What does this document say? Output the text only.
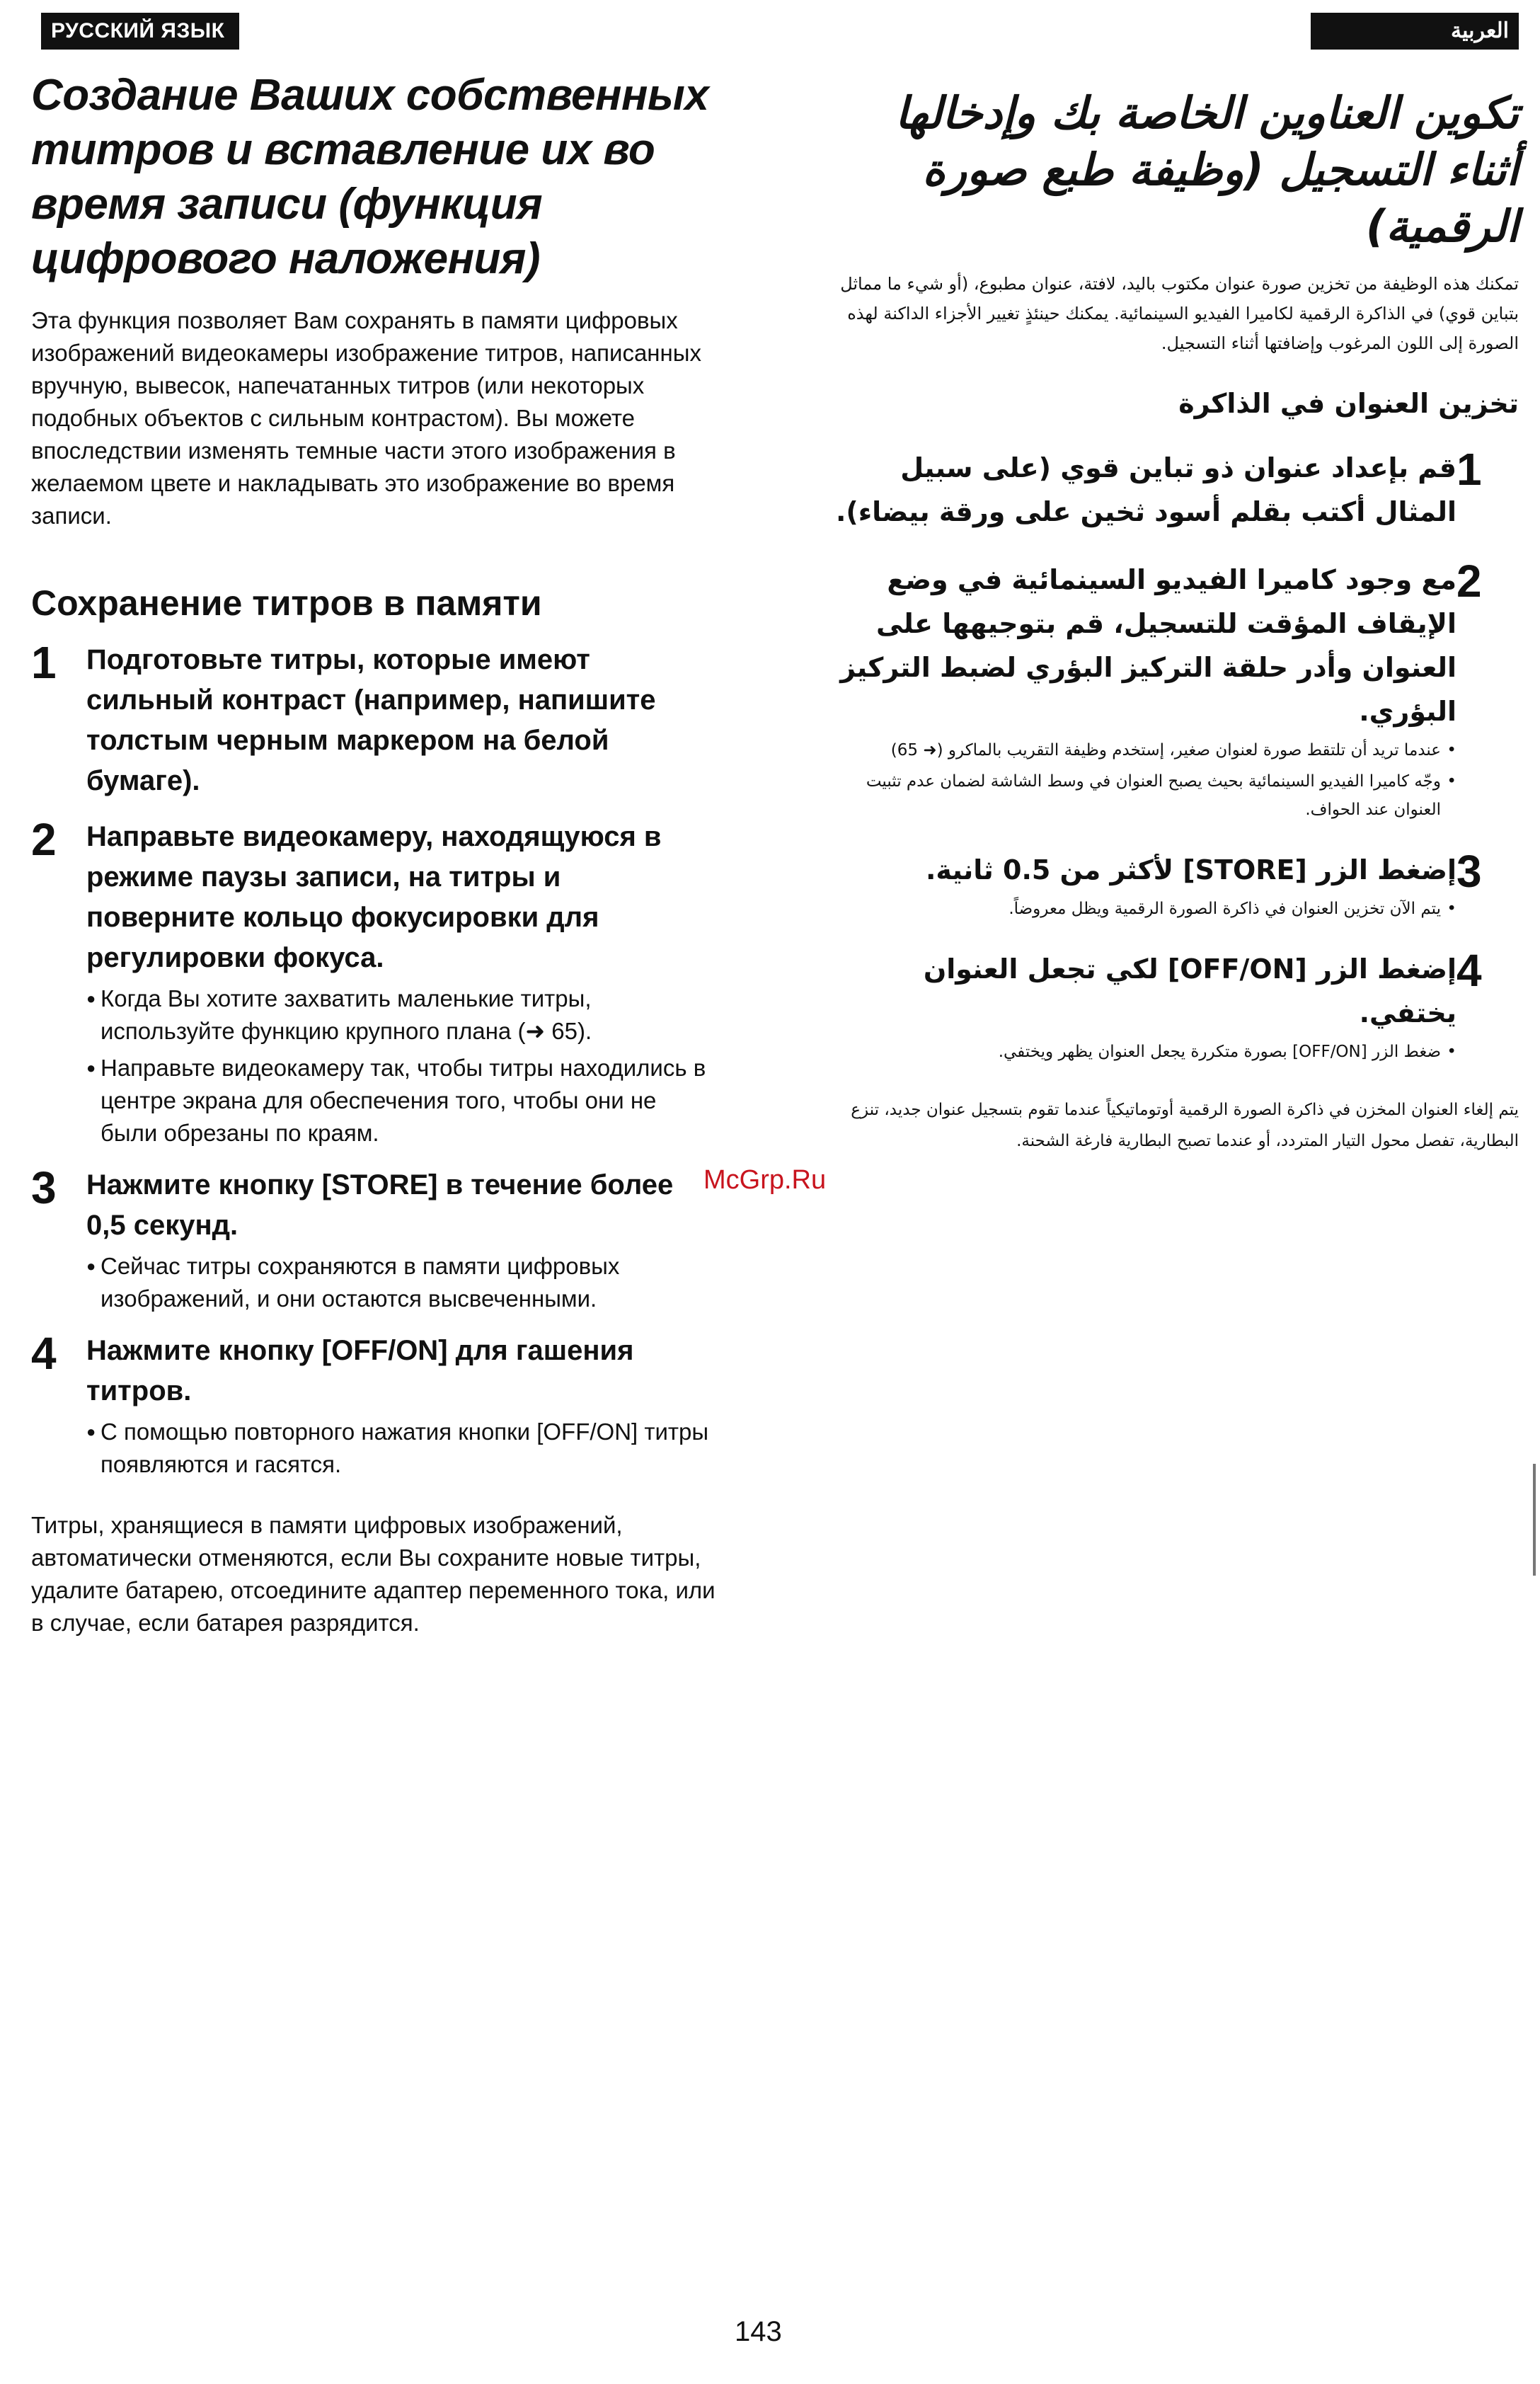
РУССКИЙ ЯЗЫК	العربية
Создание Ваших собственных титров и вставление их во время записи (функция цифрового наложения)

Эта функция позволяет Вам сохранять в памяти цифровых изображений видеокамеры изображение титров, написанных вручную, вывесок, напечатанных титров (или некоторых подобных объектов с сильным контрастом). Вы можете впоследствии изменять темные части этого изображения в желаемом цвете и накладывать это изображение во время записи.

Сохранение титров в памяти
1	Подготовьте титры, которые имеют сильный контраст (например, напишите толстым черным маркером на белой бумаге).
2	Направьте видеокамеру, находящуюся в режиме паузы записи, на титры и поверните кольцо фокусировки для регулировки фокуса.
● Когда Вы хотите захватить маленькие титры, используйте функцию крупного плана (➜ 65).
● Направьте видеокамеру так, чтобы титры находились в центре экрана для обеспечения того, чтобы они не были обрезаны по краям.
3	Нажмите кнопку [STORE] в течение более 0,5 секунд.
● Сейчас титры сохраняются в памяти цифровых изображений, и они остаются высвеченными.
4	Нажмите кнопку [OFF/ON] для гашения титров.
● С помощью повторного нажатия кнопки [OFF/ON] титры появляются и гасятся.

Титры, хранящиеся в памяти цифровых изображений, автоматически отменяются, если Вы сохраните новые титры, удалите батарею, отсоедините адаптер переменного тока, или в случае, если батарея разрядится.

تكوين العناوين الخاصة بك وإدخالها أثناء التسجيل (وظيفة طبع صورة الرقمية)

تمكنك هذه الوظيفة من تخزين صورة عنوان مكتوب باليد، لافتة، عنوان مطبوع، (أو شيء ما مماثل بتباين قوي) في الذاكرة الرقمية لكاميرا الفيديو السينمائية. يمكنك حينئذٍ تغيير الأجزاء الداكنة لهذه الصورة إلى اللون المرغوب وإضافتها أثناء التسجيل.

تخزين العنوان في الذاكرة
1
قم بإعداد عنوان ذو تباين قوي (على سبيل المثال أكتب بقلم أسود ثخين على ورقة بيضاء).
2
مع وجود كاميرا الفيديو السينمائية في وضع الإيقاف المؤقت للتسجيل، قم بتوجيهها على العنوان وأدر حلقة التركيز البؤري لضبط التركيز البؤري.
• عندما تريد أن تلتقط صورة لعنوان صغير، إستخدم وظيفة التقريب بالماكرو (➜ 65)
• وجّه كاميرا الفيديو السينمائية بحيث يصبح العنوان في وسط الشاشة لضمان عدم تثبيت العنوان عند الحواف.
3
إضغط الزر [STORE] لأكثر من 0.5 ثانية.
• يتم الآن تخزين العنوان في ذاكرة الصورة الرقمية ويظل معروضاً.
4
إضغط الزر [OFF/ON] لكي تجعل العنوان يختفي.
• ضغط الزر [OFF/ON] بصورة متكررة يجعل العنوان يظهر ويختفي.

يتم إلغاء العنوان المخزن في ذاكرة الصورة الرقمية أوتوماتيكياً عندما تقوم بتسجيل عنوان جديد، تنزع البطارية، تفصل محول التيار المتردد، أو عندما تصبح البطارية فارغة الشحنة.

McGrp.Ru
143
